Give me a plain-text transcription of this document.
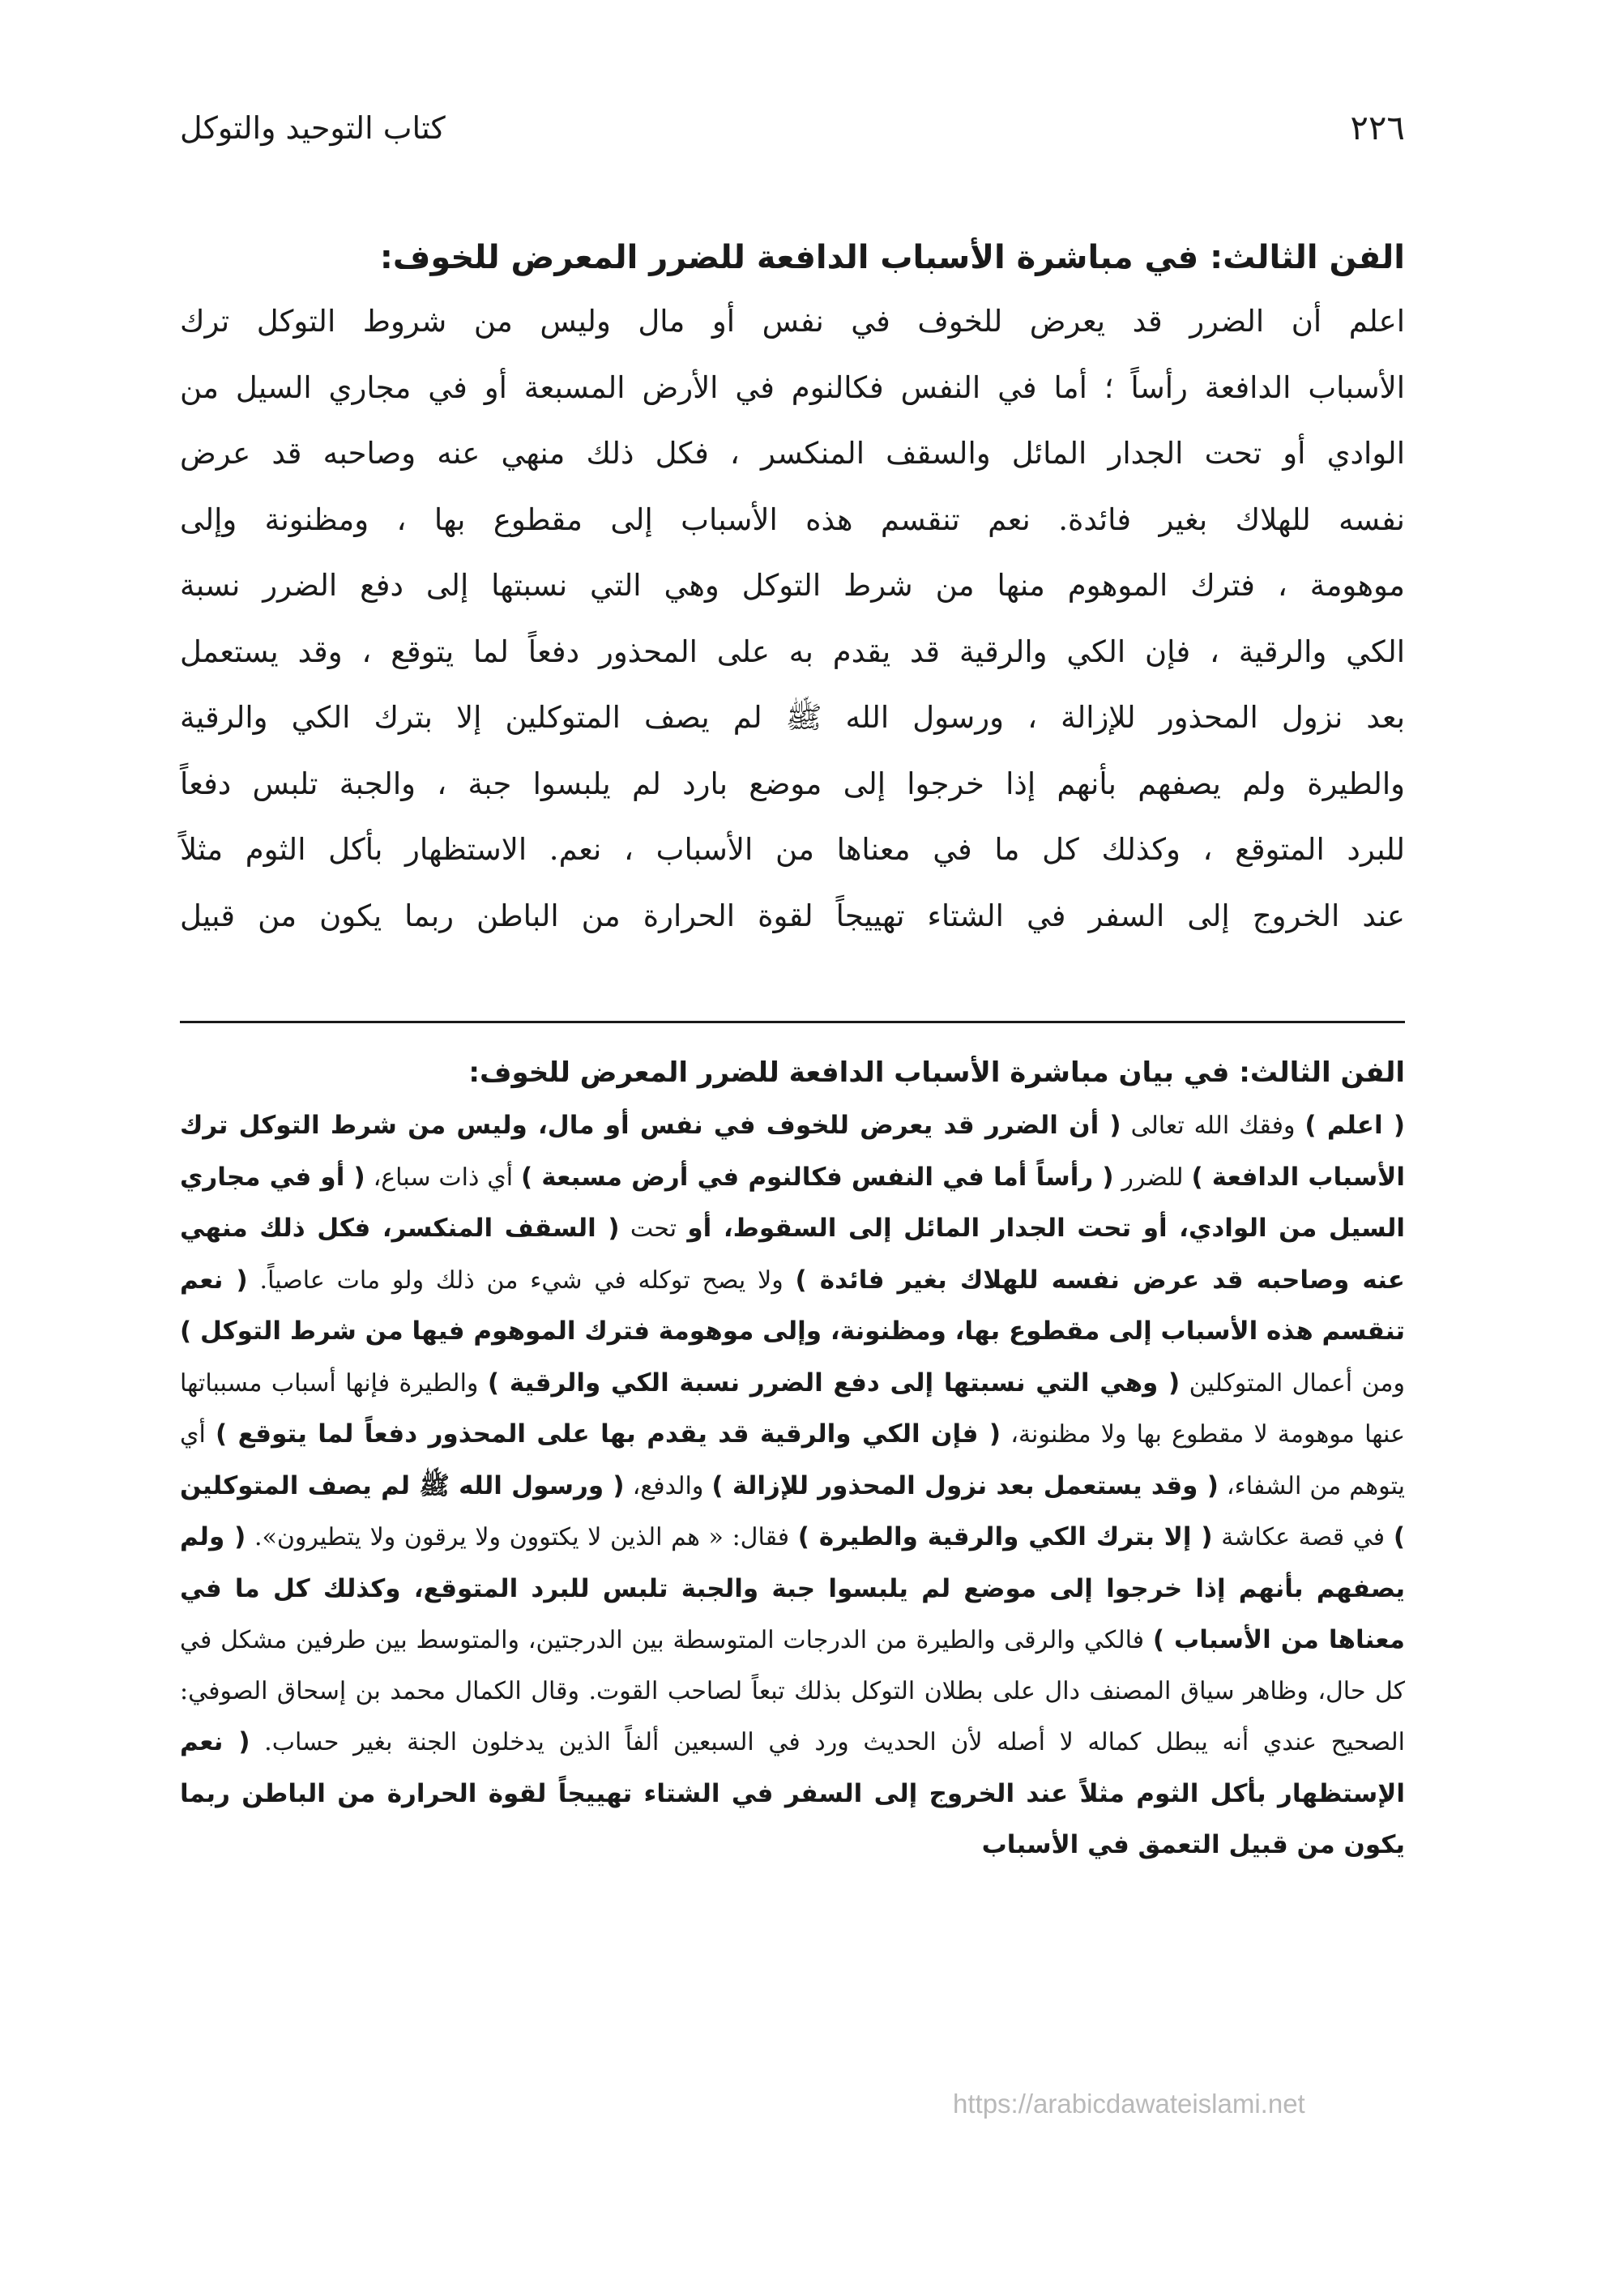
٢٢٦
كتاب التوحيد والتوكل
الفن الثالث: في مباشرة الأسباب الدافعة للضرر المعرض للخوف:

اعلم أن الضرر قد يعرض للخوف في نفس أو مال وليس من شروط التوكل ترك

الأسباب الدافعة رأساً ؛ أما في النفس فكالنوم في الأرض المسبعة أو في مجاري السيل من

الوادي أو تحت الجدار المائل والسقف المنكسر ، فكل ذلك منهي عنه وصاحبه قد عرض

نفسه للهلاك بغير فائدة. نعم تنقسم هذه الأسباب إلى مقطوع بها ، ومظنونة وإلى

موهومة ، فترك الموهوم منها من شرط التوكل وهي التي نسبتها إلى دفع الضرر نسبة

الكي والرقية ، فإن الكي والرقية قد يقدم به على المحذور دفعاً لما يتوقع ، وقد يستعمل

بعد نزول المحذور للإزالة ، ورسول الله ﷺ لم يصف المتوكلين إلا بترك الكي والرقية

والطيرة ولم يصفهم بأنهم إذا خرجوا إلى موضع بارد لم يلبسوا جبة ، والجبة تلبس دفعاً

للبرد المتوقع ، وكذلك كل ما في معناها من الأسباب ، نعم. الاستظهار بأكل الثوم مثلاً

عند الخروج إلى السفر في الشتاء تهييجاً لقوة الحرارة من الباطن ربما يكون من قبيل

الفن الثالث: في بيان مباشرة الأسباب الدافعة للضرر المعرض للخوف:

( اعلم ) وفقك الله تعالى ( أن الضرر قد يعرض للخوف في نفس أو مال، وليس من شرط التوكل ترك الأسباب الدافعة ) للضرر ( رأساً أما في النفس فكالنوم في أرض مسبعة ) أي ذات سباع، ( أو في مجاري السيل من الوادي، أو تحت الجدار المائل إلى السقوط، أو تحت ( السقف المنكسر، فكل ذلك منهي عنه وصاحبه قد عرض نفسه للهلاك بغير فائدة ) ولا يصح توكله في شيء من ذلك ولو مات عاصياً. ( نعم تنقسم هذه الأسباب إلى مقطوع بها، ومظنونة، وإلى موهومة فترك الموهوم فيها من شرط التوكل ) ومن أعمال المتوكلين ( وهي التي نسبتها إلى دفع الضرر نسبة الكي والرقية ) والطيرة فإنها أسباب مسبباتها عنها موهومة لا مقطوع بها ولا مظنونة، ( فإن الكي والرقية قد يقدم بها على المحذور دفعاً لما يتوقع ) أي يتوهم من الشفاء، ( وقد يستعمل بعد نزول المحذور للإزالة ) والدفع، ( ورسول الله ﷺ لم يصف المتوكلين ) في قصة عكاشة ( إلا بترك الكي والرقية والطيرة ) فقال: « هم الذين لا يكتوون ولا يرقون ولا يتطيرون». ( ولم يصفهم بأنهم إذا خرجوا إلى موضع لم يلبسوا جبة والجبة تلبس للبرد المتوقع، وكذلك كل ما في معناها من الأسباب ) فالكي والرقى والطيرة من الدرجات المتوسطة بين الدرجتين، والمتوسط بين طرفين مشكل في كل حال، وظاهر سياق المصنف دال على بطلان التوكل بذلك تبعاً لصاحب القوت. وقال الكمال محمد بن إسحاق الصوفي: الصحيح عندي أنه يبطل كماله لا أصله لأن الحديث ورد في السبعين ألفاً الذين يدخلون الجنة بغير حساب. ( نعم الإستظهار بأكل الثوم مثلاً عند الخروج إلى السفر في الشتاء تهييجاً لقوة الحرارة من الباطن ربما يكون من قبيل التعمق في الأسباب

https://arabicdawateislami.net
